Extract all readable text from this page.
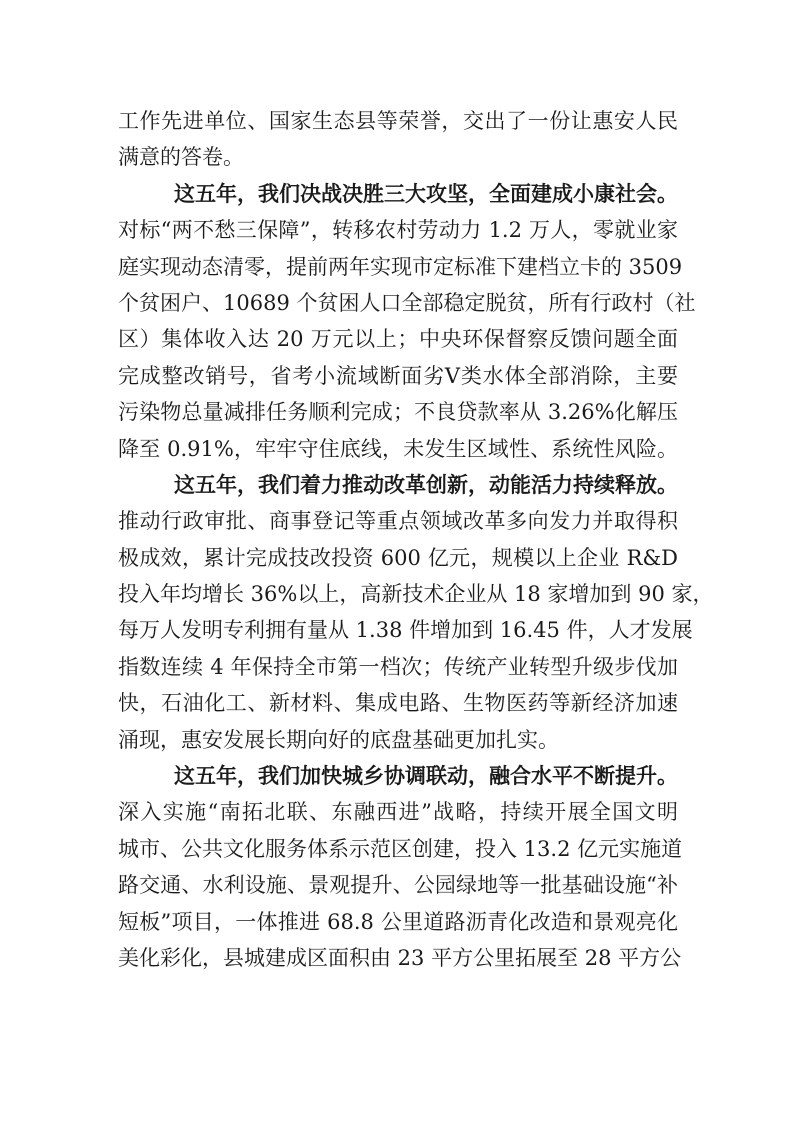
工作先进单位、国家生态县等荣誉，交出了一份让惠安人民
满意的答卷。
这五年，我们决战决胜三大攻坚，全面建成小康社会。
对标“两不愁三保障”，转移农村劳动力 1.2 万人，零就业家
庭实现动态清零，提前两年实现市定标准下建档立卡的 3509
个贫困户、10689 个贫困人口全部稳定脱贫，所有行政村（社
区）集体收入达 20 万元以上；中央环保督察反馈问题全面
完成整改销号，省考小流域断面劣Ⅴ类水体全部消除，主要
污染物总量减排任务顺利完成；不良贷款率从 3.26%化解压
降至 0.91%，牢牢守住底线，未发生区域性、系统性风险。
这五年，我们着力推动改革创新，动能活力持续释放。
推动行政审批、商事登记等重点领域改革多向发力并取得积
极成效，累计完成技改投资 600 亿元，规模以上企业 R&D
投入年均增长 36%以上，高新技术企业从 18 家增加到 90 家，
每万人发明专利拥有量从 1.38 件增加到 16.45 件，人才发展
指数连续 4 年保持全市第一档次；传统产业转型升级步伐加
快，石油化工、新材料、集成电路、生物医药等新经济加速
涌现，惠安发展长期向好的底盘基础更加扎实。
这五年，我们加快城乡协调联动，融合水平不断提升。
深入实施“南拓北联、东融西进”战略，持续开展全国文明
城市、公共文化服务体系示范区创建，投入 13.2 亿元实施道
路交通、水利设施、景观提升、公园绿地等一批基础设施“补
短板”项目，一体推进 68.8 公里道路沥青化改造和景观亮化
美化彩化，县城建成区面积由 23 平方公里拓展至 28 平方公
